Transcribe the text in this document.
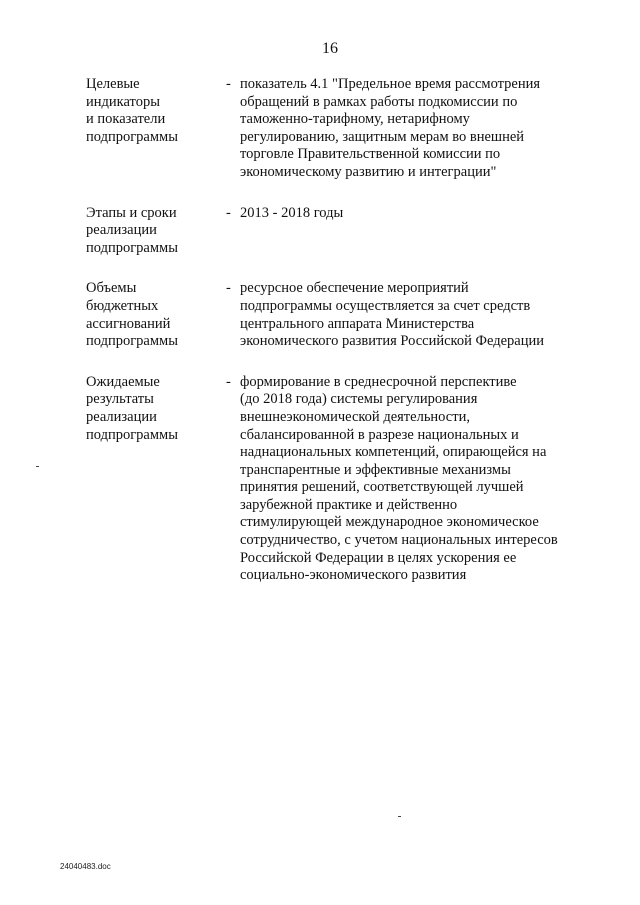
16
Целевые
индикаторы
и показатели
подпрограммы
- показатель 4.1 "Предельное время рассмотрения
обращений в рамках работы подкомиссии по
таможенно-тарифному, нетарифному
регулированию, защитным мерам во внешней
торговле Правительственной комиссии по
экономическому развитию и интеграции"
Этапы и сроки
реализации
подпрограммы
- 2013 - 2018 годы
Объемы
бюджетных
ассигнований
подпрограммы
- ресурсное обеспечение мероприятий
подпрограммы осуществляется за счет средств
центрального аппарата Министерства
экономического развития Российской Федерации
Ожидаемые
результаты
реализации
подпрограммы
- формирование в среднесрочной перспективе
(до 2018 года) системы регулирования
внешнеэкономической деятельности,
сбалансированной в разрезе национальных и
наднациональных компетенций, опирающейся на
транспарентные и эффективные механизмы
принятия решений, соответствующей лучшей
зарубежной практике и действенно
стимулирующей международное экономическое
сотрудничество, с учетом национальных интересов
Российской Федерации в целях ускорения ее
социально-экономического развития
24040483.doc
